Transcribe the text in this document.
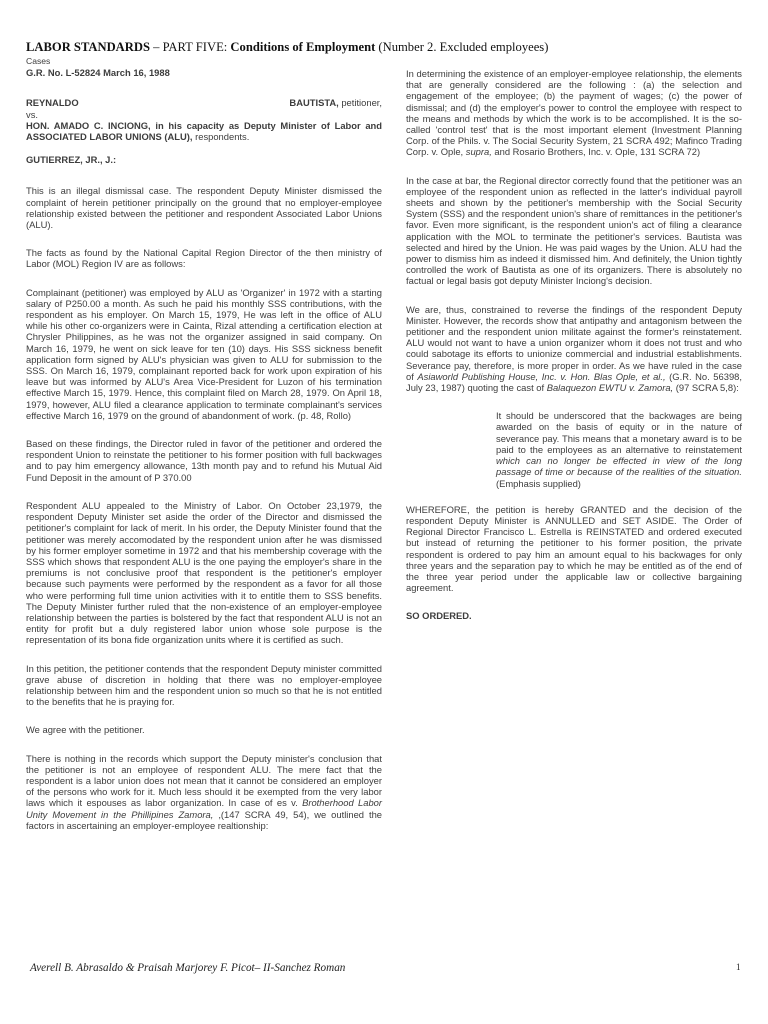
LABOR STANDARDS – PART FIVE: Conditions of Employment (Number 2. Excluded employees)

Cases

G.R. No. L-52824 March 16, 1988

REYNALDO	BAUTISTA, petitioner,
vs.
HON. AMADO C. INCIONG, in his capacity as Deputy Minister of Labor and ASSOCIATED LABOR UNIONS (ALU), respondents.

GUTIERREZ, JR., J.:

This is an illegal dismissal case. The respondent Deputy Minister dismissed the complaint of herein petitioner principally on the ground that no employer-employee relationship existed between the petitioner and respondent Associated Labor Unions (ALU).

The facts as found by the National Capital Region Director of the then ministry of Labor (MOL) Region IV are as follows:

Complainant (petitioner) was employed by ALU as 'Organizer' in 1972 with a starting salary of P250.00 a month. As such he paid his monthly SSS contributions, with the respondent as his employer. On March 15, 1979, He was left in the office of ALU while his other co-organizers were in Cainta, Rizal attending a certification election at Chrysler Philippines, as he was not the organizer assigned in said company. On March 16, 1979, he went on sick leave for ten (10) days. His SSS sickness benefit application form signed by ALU's physician was given to ALU for submission to the SSS. On March 16, 1979, complainant reported back for work upon expiration of his leave but was informed by ALU's Area Vice-President for Luzon of his termination effective March 15, 1979. Hence, this complaint filed on March 28, 1979. On April 18, 1979, however, ALU filed a clearance application to terminate complainant's services effective March 16, 1979 on the ground of abandonment of work. (p. 48, Rollo)

Based on these findings, the Director ruled in favor of the petitioner and ordered the respondent Union to reinstate the petitioner to his former position with full backwages and to pay him emergency allowance, 13th month pay and to refund his Mutual Aid Fund Deposit in the amount of P 370.00

Respondent ALU appealed to the Ministry of Labor. On October 23,1979, the respondent Deputy Minister set aside the order of the Director and dismissed the petitioner's complaint for lack of merit. In his order, the Deputy Minister found that the petitioner was merely accomodated by the respondent union after he was dismissed by his former employer sometime in 1972 and that his membership coverage with the SSS which shows that respondent ALU is the one paying the employer's share in the premiums is not conclusive proof that respondent is the petitioner's employer because such payments were performed by the respondent as a favor for all those who were performing full time union activities with it to entitle them to SSS benefits. The Deputy Minister further ruled that the non-existence of an employer-employee relationship between the parties is bolstered by the fact that respondent ALU is not an entity for profit but a duly registered labor union whose sole purpose is the representation of its bona fide organization units where it is certified as such.

In this petition, the petitioner contends that the respondent Deputy minister committed grave abuse of discretion in holding that there was no employer-employee relationship between him and the respondent union so much so that he is not entitled to the benefits that he is praying for.

We agree with the petitioner.

There is nothing in the records which support the Deputy minister's conclusion that the petitioner is not an employee of respondent ALU. The mere fact that the respondent is a labor union does not mean that it cannot be considered an employer of the persons who work for it. Much less should it be exempted from the very labor laws which it espouses as labor organization. In case of es v. Brotherhood Labor Unity Movement in the Phillipines Zamora, ,(147 SCRA 49, 54), we outlined the factors in ascertaining an employer-employee realtionship:

In determining the existence of an employer-employee relationship, the elements that are generally considered are the following : (a) the selection and engagement of the employee; (b) the payment of wages; (c) the power of dismissal; and (d) the employer's power to control the employee with respect to the means and methods by which the work is to be accomplished. It is the so-called 'control test' that is the most important element (Investment Planning Corp. of the Phils. v. The Social Security System, 21 SCRA 492; Mafinco Trading Corp. v. Ople, supra, and Rosario Brothers, Inc. v. Ople, 131 SCRA 72)

In the case at bar, the Regional director correctly found that the petitioner was an employee of the respondent union as reflected in the latter's individual payroll sheets and shown by the petitioner's membership with the Social Security System (SSS) and the respondent union's share of remittances in the petitioner's favor. Even more significant, is the respondent union's act of filing a clearance application with the MOL to terminate the petitioner's services. Bautista was selected and hired by the Union. He was paid wages by the Union. ALU had the power to dismiss him as indeed it dismissed him. And definitely, the Union tightly controlled the work of Bautista as one of its organizers. There is absolutely no factual or legal basis got deputy Minister Inciong's decision.

We are, thus, constrained to reverse the findings of the respondent Deputy Minister. However, the records show that antipathy and antagonism between the petitioner and the respondent union militate against the former's reinstatement. ALU would not want to have a union organizer whom it does not trust and who could sabotage its efforts to unionize commercial and industrial establishments. Severance pay, therefore, is more proper in order. As we have ruled in the case of Asiaworld Publishing House, Inc. v. Hon. Blas Ople, et al., (G.R. No. 56398, July 23, 1987) quoting the cast of Balaquezon EWTU v. Zamora, (97 SCRA 5,8):

It should be underscored that the backwages are being awarded on the basis of equity or in the nature of severance pay. This means that a monetary award is to be paid to the employees as an alternative to reinstatement which can no longer be effected in view of the long passage of time or because of the realities of the situation. (Emphasis supplied)

WHEREFORE, the petition is hereby GRANTED and the decision of the respondent Deputy Minister is ANNULLED and SET ASIDE. The Order of Regional Director Francisco L. Estrella is REINSTATED and ordered executed but instead of returning the petitioner to his former position, the private respondent is ordered to pay him an amount equal to his backwages for only three years and the separation pay to which he may be entitled as of the end of the three year period under the applicable law or collective bargaining agreement.

SO ORDERED.

Averell B. Abrasaldo & Praisah Marjorey F. Picot– II-Sanchez Roman	1
